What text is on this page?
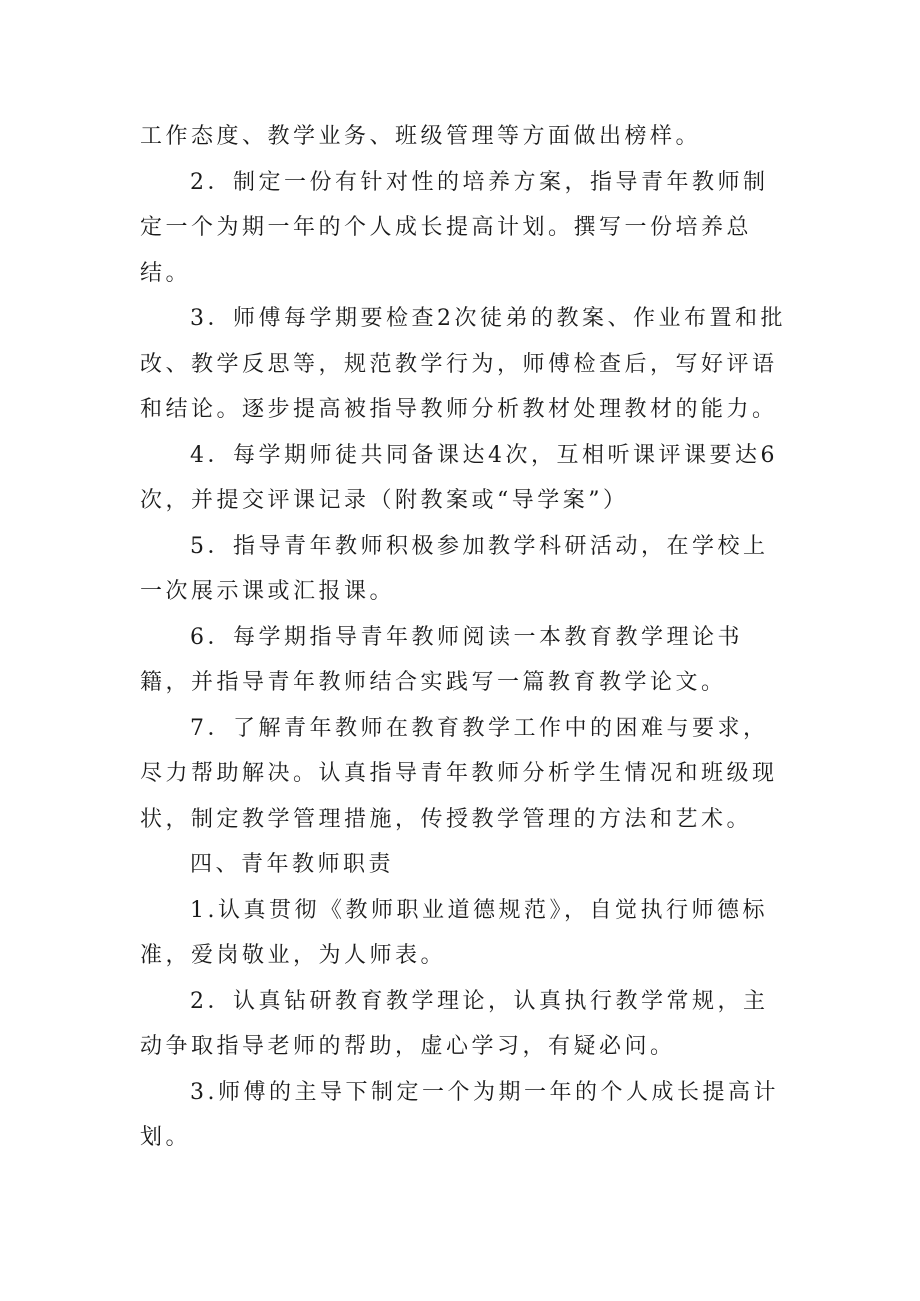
工作态度、教学业务、班级管理等方面做出榜样。

2．制定一份有针对性的培养方案，指导青年教师制定一个为期一年的个人成长提高计划。撰写一份培养总结。

3．师傅每学期要检查2次徒弟的教案、作业布置和批改、教学反思等，规范教学行为，师傅检查后，写好评语和结论。逐步提高被指导教师分析教材处理教材的能力。

4．每学期师徒共同备课达4次，互相听课评课要达6次，并提交评课记录（附教案或“导学案”）

5．指导青年教师积极参加教学科研活动，在学校上一次展示课或汇报课。

6．每学期指导青年教师阅读一本教育教学理论书籍，并指导青年教师结合实践写一篇教育教学论文。

7．了解青年教师在教育教学工作中的困难与要求，尽力帮助解决。认真指导青年教师分析学生情况和班级现状，制定教学管理措施，传授教学管理的方法和艺术。

四、青年教师职责

1.认真贯彻《教师职业道德规范》，自觉执行师德标准，爱岗敬业，为人师表。

2．认真钻研教育教学理论，认真执行教学常规，主动争取指导老师的帮助，虚心学习，有疑必问。

3.师傅的主导下制定一个为期一年的个人成长提高计划。
